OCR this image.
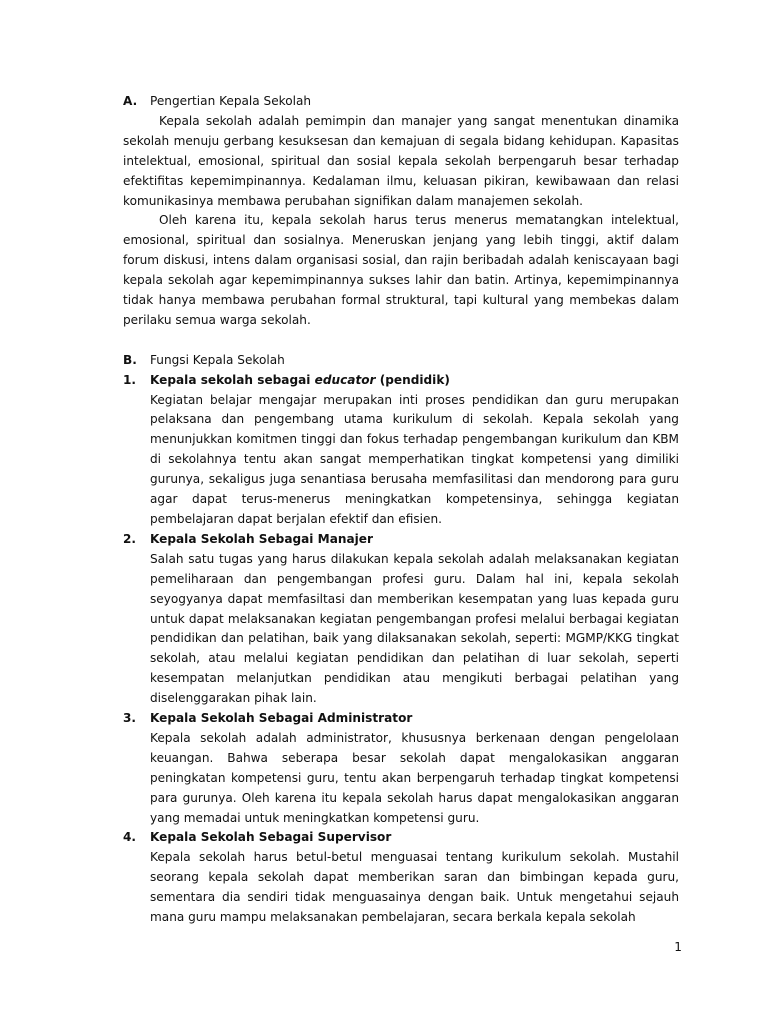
A. Pengertian Kepala Sekolah

Kepala sekolah adalah pemimpin dan manajer yang sangat menentukan dinamika sekolah menuju gerbang kesuksesan dan kemajuan di segala bidang kehidupan. Kapasitas intelektual, emosional, spiritual dan sosial kepala sekolah berpengaruh besar terhadap efektifitas kepemimpinannya. Kedalaman ilmu, keluasan pikiran, kewibawaan dan relasi komunikasinya membawa perubahan signifikan dalam manajemen sekolah.

Oleh karena itu, kepala sekolah harus terus menerus mematangkan intelektual, emosional, spiritual dan sosialnya. Meneruskan jenjang yang lebih tinggi, aktif dalam forum diskusi, intens dalam organisasi sosial, dan rajin beribadah adalah keniscayaan bagi kepala sekolah agar kepemimpinannya sukses lahir dan batin. Artinya, kepemimpinannya tidak hanya membawa perubahan formal struktural, tapi kultural yang membekas dalam perilaku semua warga sekolah.

B. Fungsi Kepala Sekolah
1. Kepala sekolah sebagai educator (pendidik)

Kegiatan belajar mengajar merupakan inti proses pendidikan dan guru merupakan pelaksana dan pengembang utama kurikulum di sekolah. Kepala sekolah yang menunjukkan komitmen tinggi dan fokus terhadap pengembangan kurikulum dan KBM di sekolahnya tentu akan sangat memperhatikan tingkat kompetensi yang dimiliki gurunya, sekaligus juga senantiasa berusaha memfasilitasi dan mendorong para guru agar dapat terus-menerus meningkatkan kompetensinya, sehingga kegiatan pembelajaran dapat berjalan efektif dan efisien.

2. Kepala Sekolah Sebagai Manajer

Salah satu tugas yang harus dilakukan kepala sekolah adalah melaksanakan kegiatan pemeliharaan dan pengembangan profesi guru. Dalam hal ini, kepala sekolah seyogyanya dapat memfasiltasi dan memberikan kesempatan yang luas kepada guru untuk dapat melaksanakan kegiatan pengembangan profesi melalui berbagai kegiatan pendidikan dan pelatihan, baik yang dilaksanakan sekolah, seperti: MGMP/KKG tingkat sekolah, atau melalui kegiatan pendidikan dan pelatihan di luar sekolah, seperti kesempatan melanjutkan pendidikan atau mengikuti berbagai pelatihan yang diselenggarakan pihak lain.

3. Kepala Sekolah Sebagai Administrator

Kepala sekolah adalah administrator, khususnya berkenaan dengan pengelolaan keuangan. Bahwa seberapa besar sekolah dapat mengalokasikan anggaran peningkatan kompetensi guru, tentu akan berpengaruh terhadap tingkat kompetensi para gurunya. Oleh karena itu kepala sekolah harus dapat mengalokasikan anggaran yang memadai untuk meningkatkan kompetensi guru.

4. Kepala Sekolah Sebagai Supervisor

Kepala sekolah harus betul-betul menguasai tentang kurikulum sekolah. Mustahil seorang kepala sekolah dapat memberikan saran dan bimbingan kepada guru, sementara dia sendiri tidak menguasainya dengan baik. Untuk mengetahui sejauh mana guru mampu melaksanakan pembelajaran, secara berkala kepala sekolah

1
